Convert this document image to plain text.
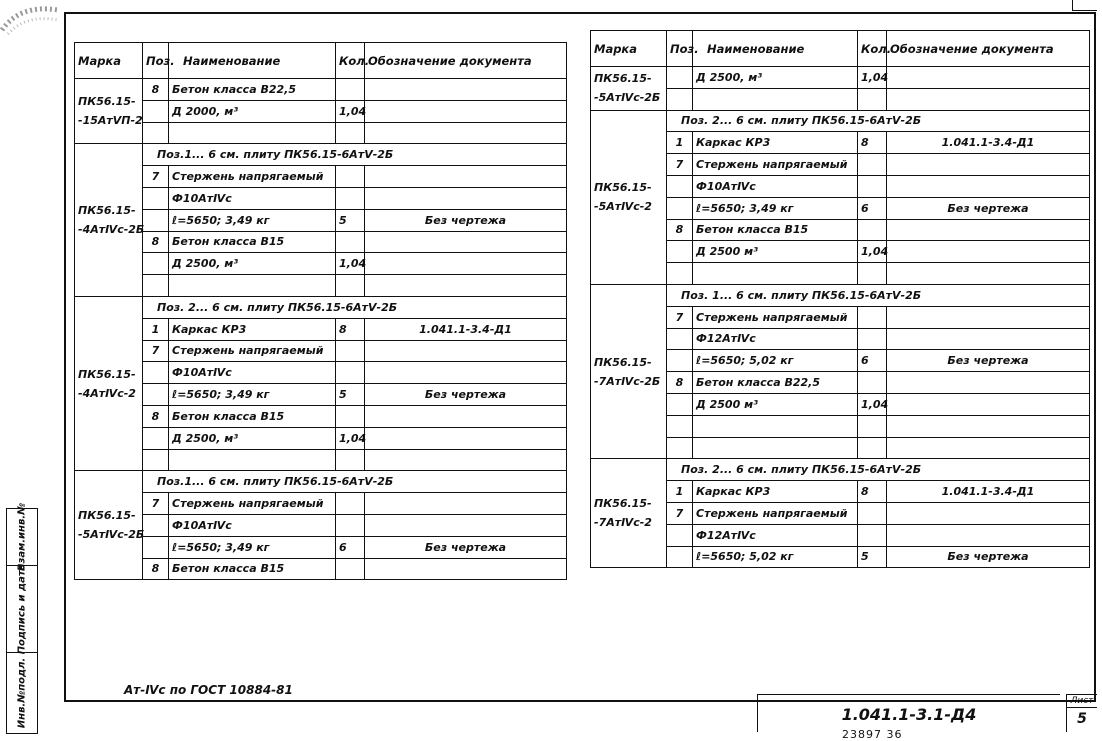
Взам.инв.№
Подпись и дата
Инв.№подл.
Марка	Поз.	Наименование	Кол.	Обозначение документа
ПК56.15-
-15АтⅤП-2	8	Бетон класса В22,5		
		Д 2000, м³	1,04	

ПК56.15-
-4АтⅣс-2Б	Поз.1... 6 см. плиту ПК56.15-6АтⅤ-2Б			
	7	Стержень напрягаемый		
		Ф10АтⅣс		
		ℓ=5650; 3,49 кг	5	Без чертежа
	8	Бетон класса В15		
		Д 2500, м³	1,04	

ПК56.15-
-4АтⅣс-2	Поз. 2... 6 см. плиту ПК56.15-6АтⅤ-2Б			
	1	Каркас КР3	8	1.041.1-3.4-Д1
	7	Стержень напрягаемый		
		Ф10АтⅣс		
		ℓ=5650; 3,49 кг	5	Без чертежа
	8	Бетон класса В15		
		Д 2500, м³	1,04	

ПК56.15-
-5АтⅣс-2Б	Поз.1... 6 см. плиту ПК56.15-6АтⅤ-2Б			
	7	Стержень напрягаемый		
		Ф10АтⅣс		
		ℓ=5650; 3,49 кг	6	Без чертежа
	8	Бетон класса В15		
Марка	Поз.	Наименование	Кол.	Обозначение документа
ПК56.15-
-5АтⅣс-2Б		Д 2500, м³	1,04	

ПК56.15-
-5АтⅣс-2	Поз. 2... 6 см. плиту ПК56.15-6АтⅤ-2Б			
	1	Каркас КР3	8	1.041.1-3.4-Д1
	7	Стержень напрягаемый		
		Ф10АтⅣс		
		ℓ=5650; 3,49 кг	6	Без чертежа
	8	Бетон класса В15		
		Д 2500 м³	1,04	

ПК56.15-
-7АтⅣс-2Б	Поз. 1... 6 см. плиту ПК56.15-6АтⅤ-2Б			
	7	Стержень напрягаемый		
		Ф12АтⅣс		
		ℓ=5650; 5,02 кг	6	Без чертежа
	8	Бетон класса В22,5		
		Д 2500 м³	1,04	

ПК56.15-
-7АтⅣс-2	Поз. 2... 6 см. плиту ПК56.15-6АтⅤ-2Б			
	1	Каркас КР3	8	1.041.1-3.4-Д1
	7	Стержень напрягаемый		
		Ф12АтⅣс		
		ℓ=5650; 5,02 кг	5	Без чертежа
Ат-Ⅳс по ГОСТ 10884-81
1.041.1-3.1-Д4
Лист
5
23897 36
